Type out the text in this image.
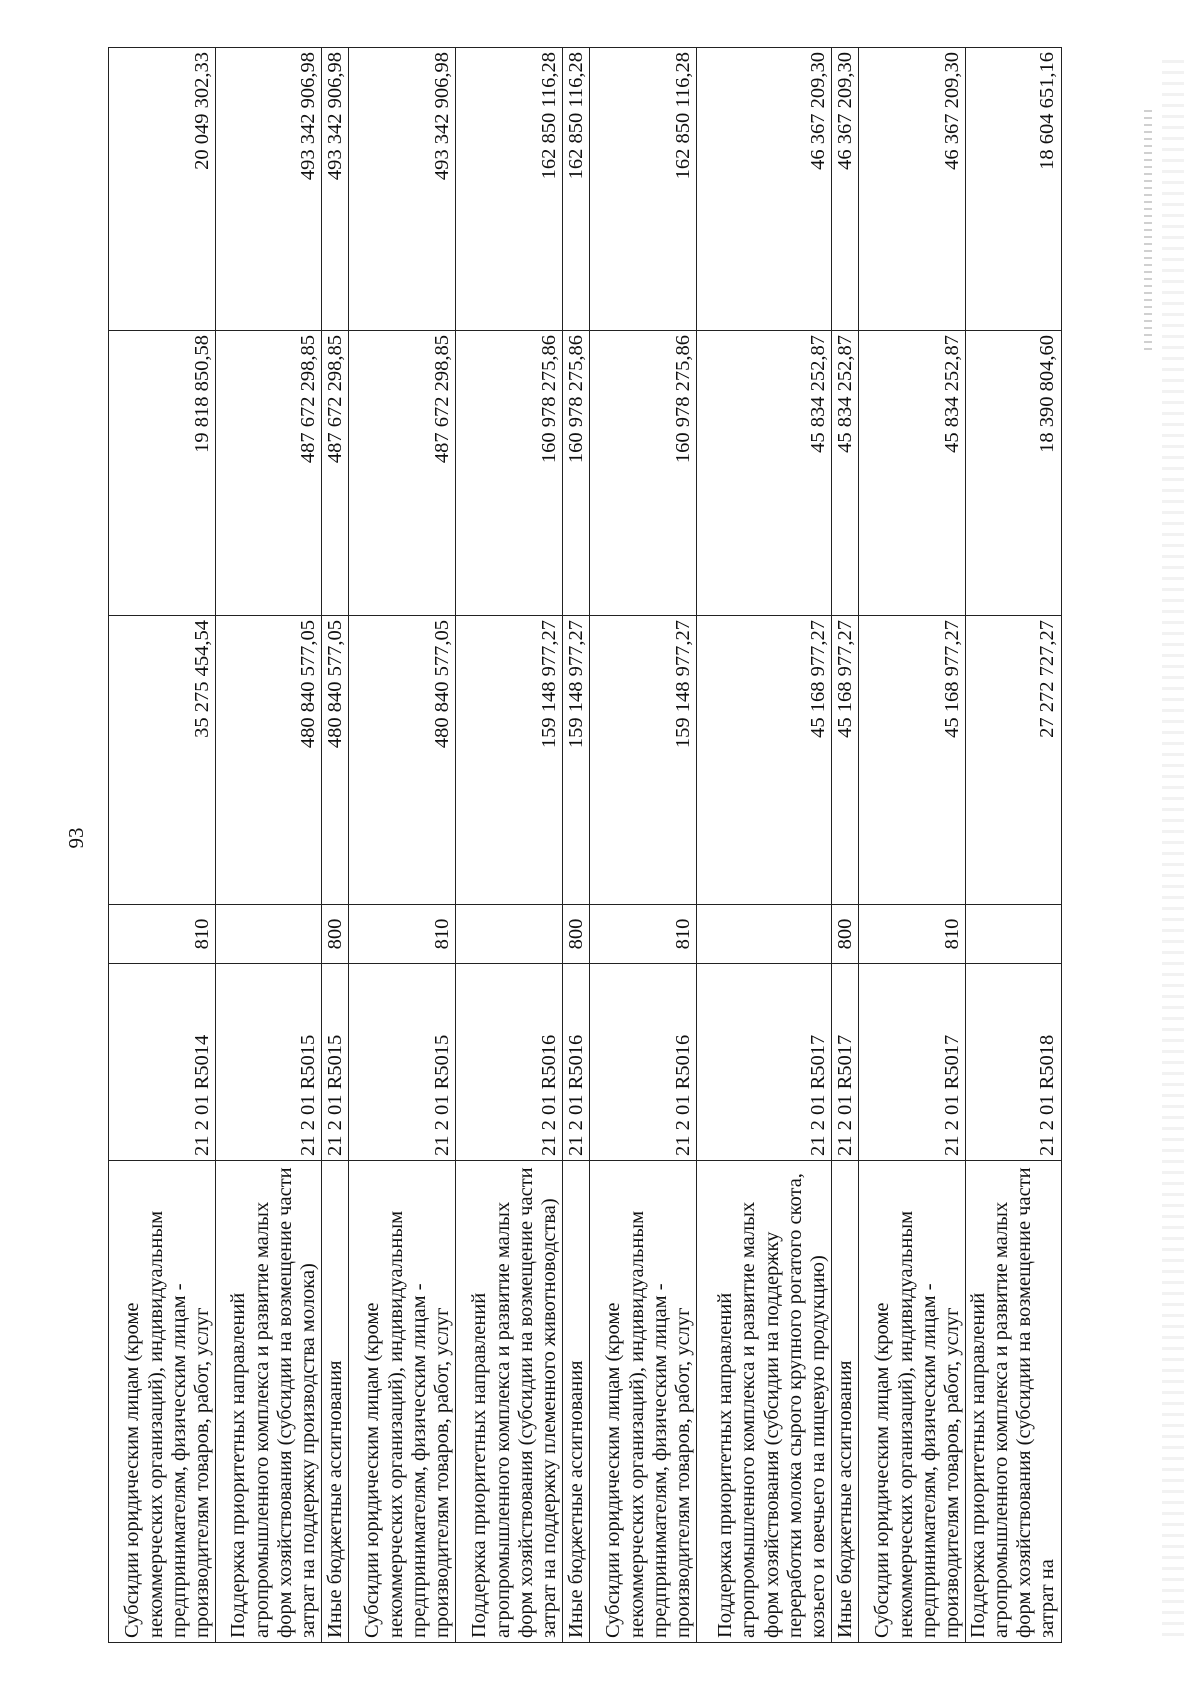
93
Субсидии юридическим лицам (кроме некоммерческих организаций), индивидуальным предпринимателям, физическим лицам - производителям товаров, работ, услуг	21 2 01 R5014	810	35 275 454,54	19 818 850,58	20 049 302,33
Поддержка приоритетных направлений агропромышленного комплекса и развитие малых форм хозяйствования (субсидии на возмещение части затрат на поддержку производства молока)	21 2 01 R5015		480 840 577,05	487 672 298,85	493 342 906,98
Иные бюджетные ассигнования	21 2 01 R5015	800	480 840 577,05	487 672 298,85	493 342 906,98
Субсидии юридическим лицам (кроме некоммерческих организаций), индивидуальным предпринимателям, физическим лицам - производителям товаров, работ, услуг	21 2 01 R5015	810	480 840 577,05	487 672 298,85	493 342 906,98
Поддержка приоритетных направлений агропромышленного комплекса и развитие малых форм хозяйствования (субсидии на возмещение части затрат на поддержку племенного животноводства)	21 2 01 R5016		159 148 977,27	160 978 275,86	162 850 116,28
Иные бюджетные ассигнования	21 2 01 R5016	800	159 148 977,27	160 978 275,86	162 850 116,28
Субсидии юридическим лицам (кроме некоммерческих организаций), индивидуальным предпринимателям, физическим лицам - производителям товаров, работ, услуг	21 2 01 R5016	810	159 148 977,27	160 978 275,86	162 850 116,28
Поддержка приоритетных направлений агропромышленного комплекса и развитие малых форм хозяйствования (субсидии на поддержку переработки молока сырого крупного рогатого скота, козьего и овечьего на пищевую продукцию)	21 2 01 R5017		45 168 977,27	45 834 252,87	46 367 209,30
Иные бюджетные ассигнования	21 2 01 R5017	800	45 168 977,27	45 834 252,87	46 367 209,30
Субсидии юридическим лицам (кроме некоммерческих организаций), индивидуальным предпринимателям, физическим лицам - производителям товаров, работ, услуг	21 2 01 R5017	810	45 168 977,27	45 834 252,87	46 367 209,30
Поддержка приоритетных направлений агропромышленного комплекса и развитие малых форм хозяйствования (субсидии на возмещение части затрат на	21 2 01 R5018		27 272 727,27	18 390 804,60	18 604 651,16
